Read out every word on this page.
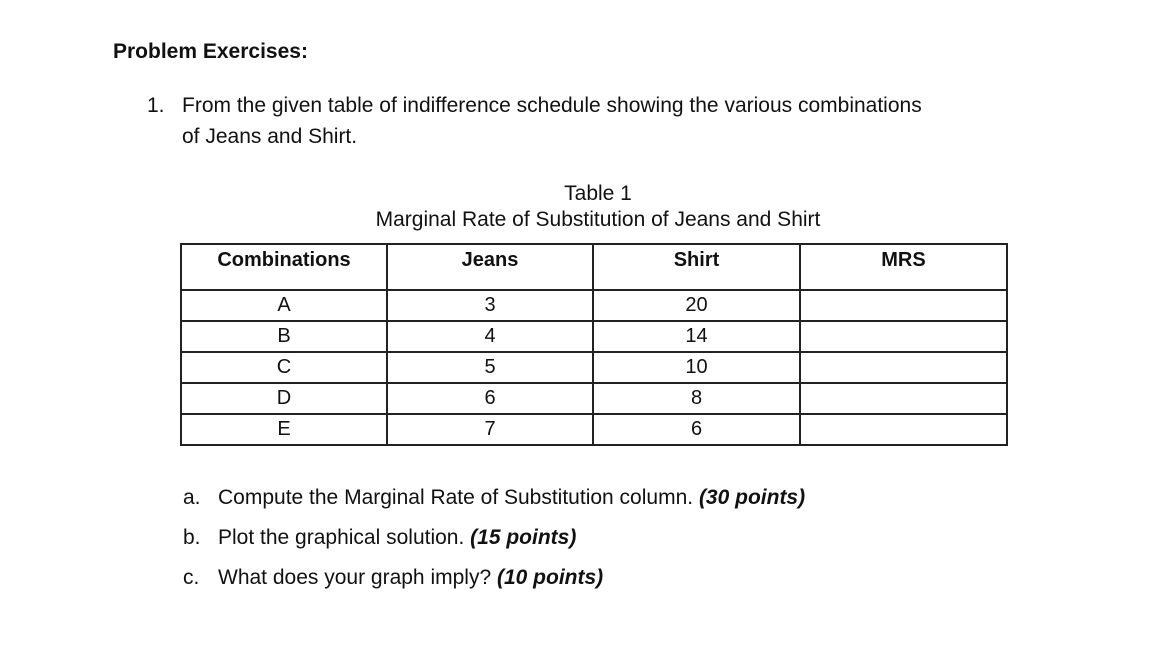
Problem Exercises:
1. From the given table of indifference schedule showing the various combinations
of Jeans and Shirt.
Table 1
Marginal Rate of Substitution of Jeans and Shirt
Combinations	Jeans	Shirt	MRS
A	3	20	
B	4	14	
C	5	10	
D	6	8	
E	7	6	
a. Compute the Marginal Rate of Substitution column. (30 points)
b. Plot the graphical solution. (15 points)
c. What does your graph imply? (10 points)
